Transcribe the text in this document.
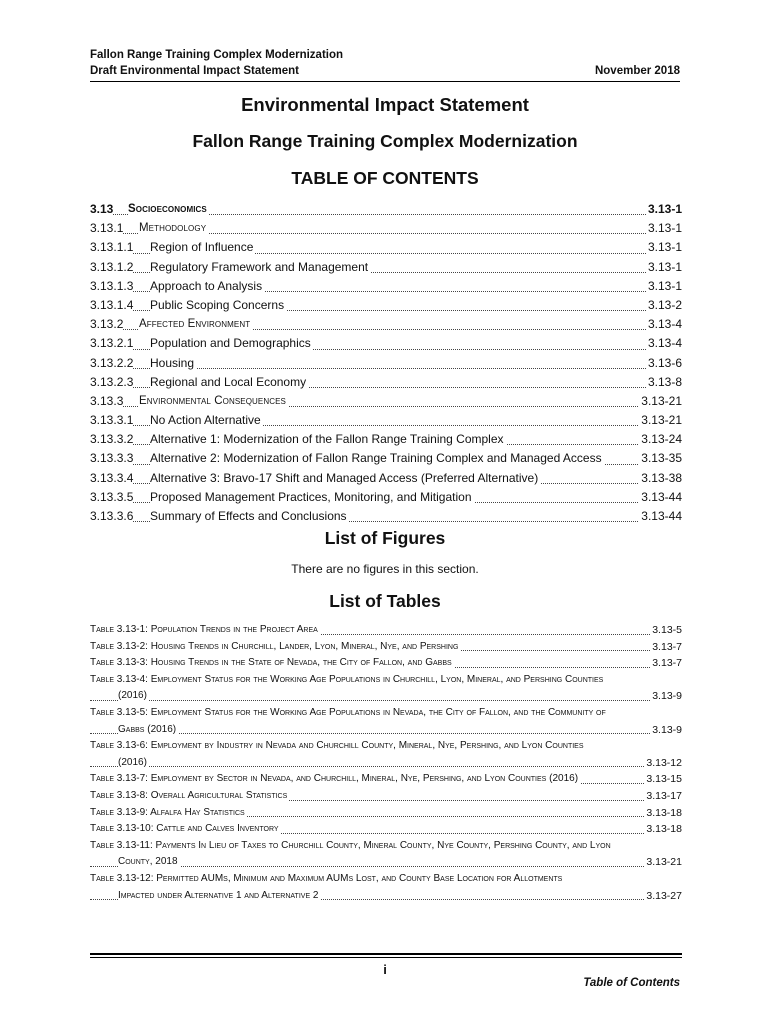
Fallon Range Training Complex Modernization
Draft Environmental Impact Statement	November 2018
Environmental Impact Statement
Fallon Range Training Complex Modernization
TABLE OF CONTENTS
3.13 Socioeconomics	3.13-1
3.13.1 Methodology	3.13-1
3.13.1.1 Region of Influence	3.13-1
3.13.1.2 Regulatory Framework and Management	3.13-1
3.13.1.3 Approach to Analysis	3.13-1
3.13.1.4 Public Scoping Concerns	3.13-2
3.13.2 Affected Environment	3.13-4
3.13.2.1 Population and Demographics	3.13-4
3.13.2.2 Housing	3.13-6
3.13.2.3 Regional and Local Economy	3.13-8
3.13.3 Environmental Consequences	3.13-21
3.13.3.1 No Action Alternative	3.13-21
3.13.3.2 Alternative 1: Modernization of the Fallon Range Training Complex	3.13-24
3.13.3.3 Alternative 2: Modernization of Fallon Range Training Complex and Managed Access	3.13-35
3.13.3.4 Alternative 3: Bravo-17 Shift and Managed Access (Preferred Alternative)	3.13-38
3.13.3.5 Proposed Management Practices, Monitoring, and Mitigation	3.13-44
3.13.3.6 Summary of Effects and Conclusions	3.13-44
List of Figures
There are no figures in this section.
List of Tables
Table 3.13-1: Population Trends in the Project Area	3.13-5
Table 3.13-2: Housing Trends in Churchill, Lander, Lyon, Mineral, Nye, and Pershing	3.13-7
Table 3.13-3: Housing Trends in the State of Nevada, the City of Fallon, and Gabbs	3.13-7
Table 3.13-4: Employment Status for the Working Age Populations in Churchill, Lyon, Mineral, and Pershing Counties
(2016)	3.13-9
Table 3.13-5: Employment Status for the Working Age Populations in Nevada, the City of Fallon, and the Community of
Gabbs (2016)	3.13-9
Table 3.13-6: Employment by Industry in Nevada and Churchill County, Mineral, Nye, Pershing, and Lyon Counties
(2016)	3.13-12
Table 3.13-7: Employment by Sector in Nevada, and Churchill, Mineral, Nye, Pershing, and Lyon Counties (2016)	3.13-15
Table 3.13-8: Overall Agricultural Statistics	3.13-17
Table 3.13-9: Alfalfa Hay Statistics	3.13-18
Table 3.13-10: Cattle and Calves Inventory	3.13-18
Table 3.13-11: Payments In Lieu of Taxes to Churchill County, Mineral County, Nye County, Pershing County, and Lyon
County, 2018	3.13-21
Table 3.13-12: Permitted AUMs, Minimum and Maximum AUMs Lost, and County Base Location for Allotments
Impacted under Alternative 1 and Alternative 2	3.13-27
i
Table of Contents
